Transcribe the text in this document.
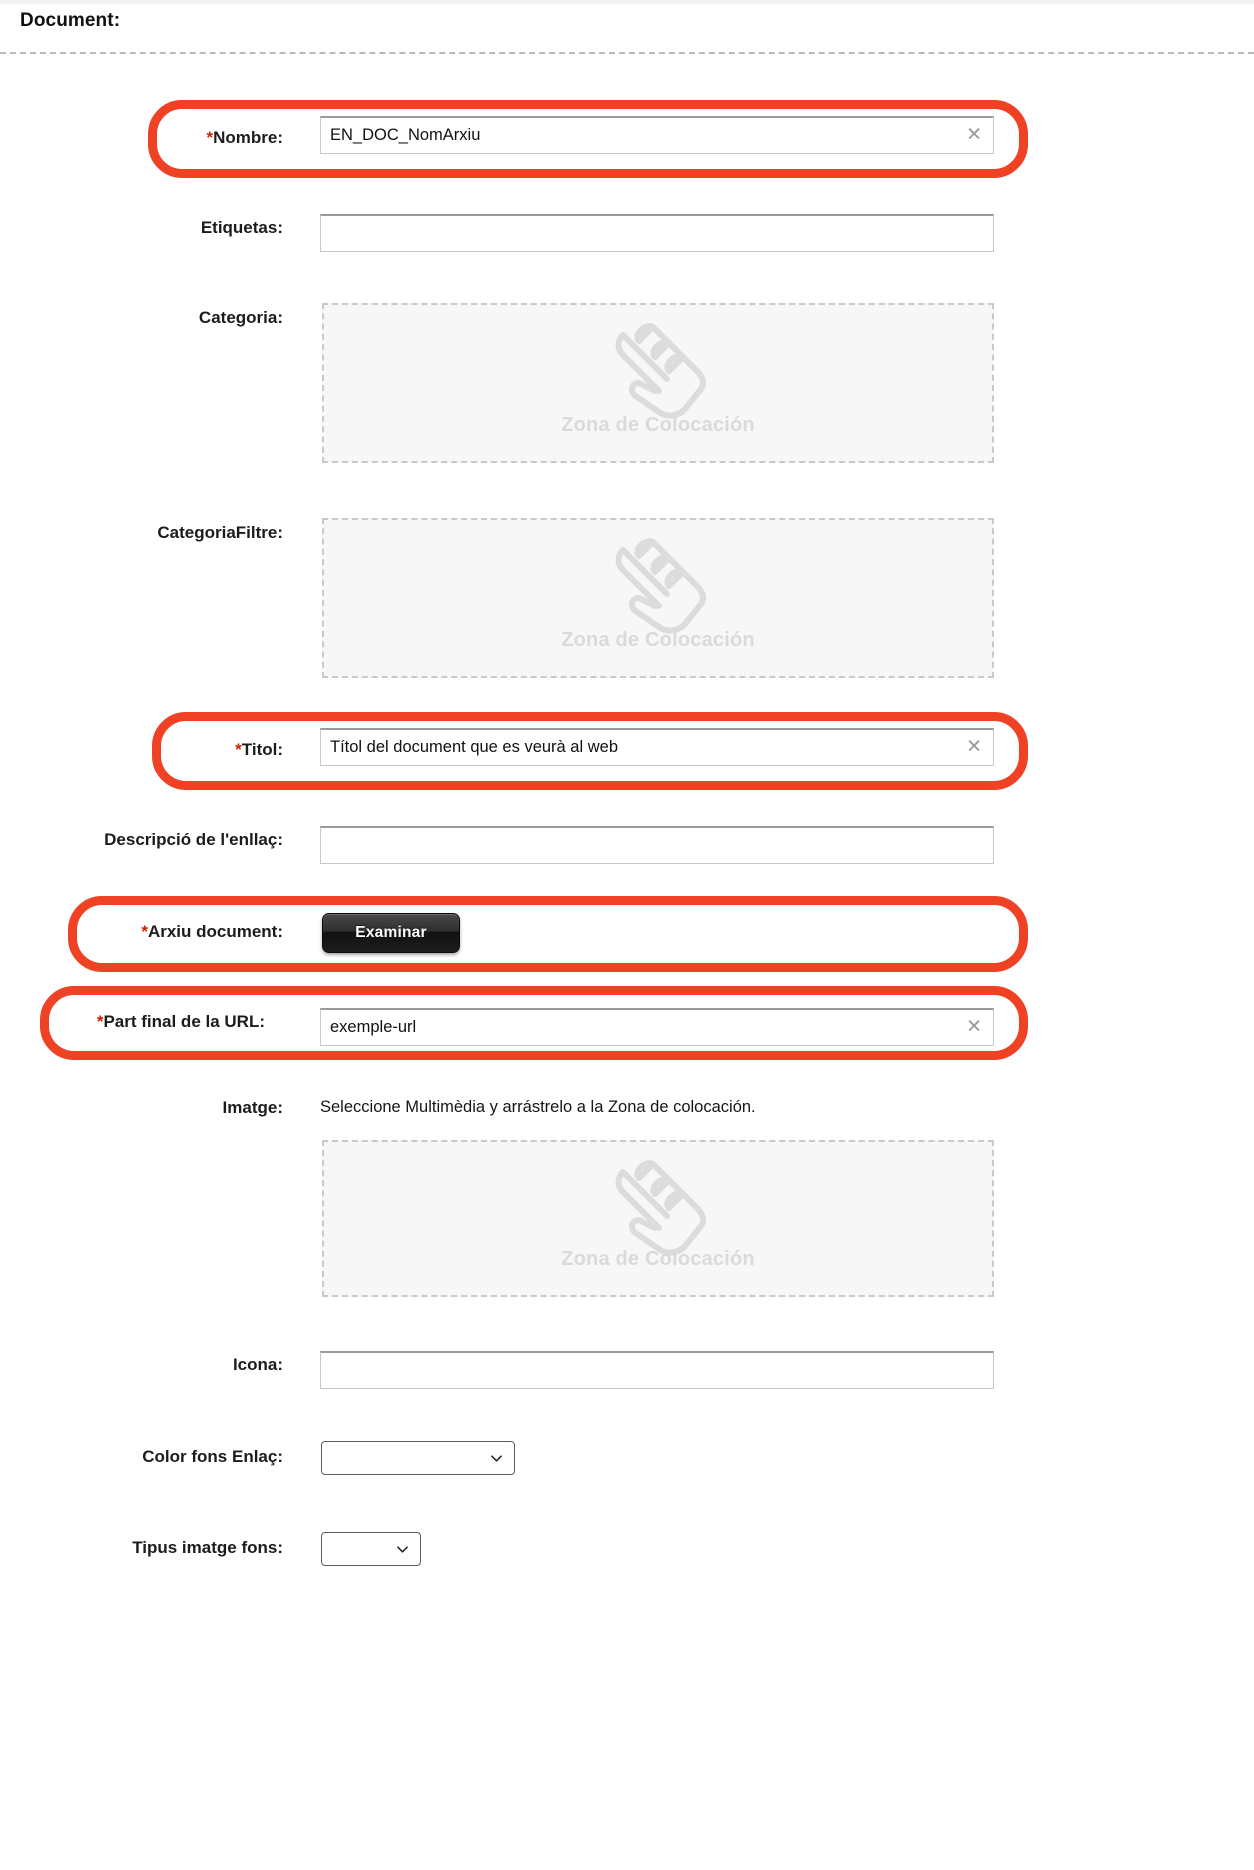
Document:
*Nombre:
EN_DOC_NomArxiu	✕
Etiquetas:
Categoria:
Zona de Colocación
CategoriaFiltre:
Zona de Colocación
*Titol:
Títol del document que es veurà al web	✕
Descripció de l'enllaç:
*Arxiu document:	Examinar
*Part final de la URL:
exemple-url	✕
Imatge: Seleccione Multimèdia y arrástrelo a la Zona de colocación.
Zona de Colocación
Icona:
Color fons Enlaç:
Tipus imatge fons:
